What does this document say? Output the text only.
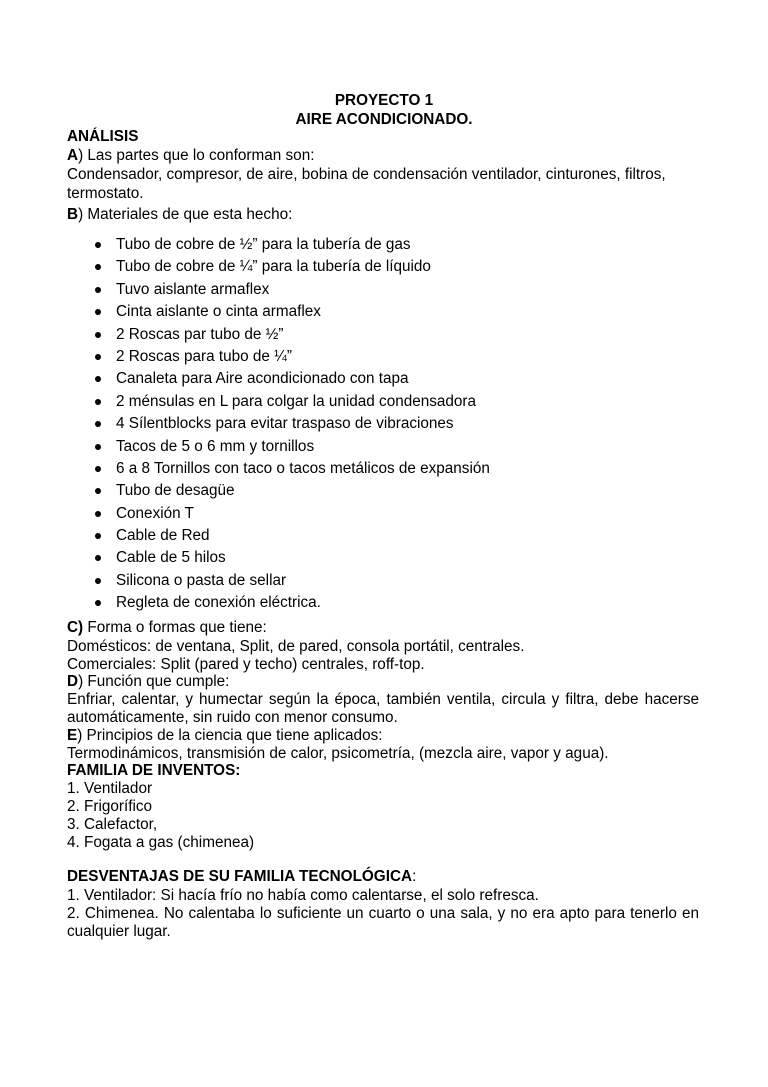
PROYECTO 1
AIRE ACONDICIONADO.
ANÁLISIS
A) Las partes que lo conforman son:
Condensador, compresor, de aire, bobina de condensación ventilador, cinturones, filtros,
termostato.
B) Materiales de que esta hecho:
Tubo de cobre de ½” para la tubería de gas
Tubo de cobre de ¼” para la tubería de líquido
Tuvo aislante armaflex
Cinta aislante o cinta armaflex
2 Roscas par tubo de ½”
2 Roscas para tubo de ¼”
Canaleta para Aire acondicionado con tapa
2 ménsulas en L para colgar la unidad condensadora
4 Sílentblocks para evitar traspaso de vibraciones
Tacos de 5 o 6 mm y tornillos
6 a 8 Tornillos con taco o tacos metálicos de expansión
Tubo de desagüe
Conexión T
Cable de Red
Cable de 5 hilos
Silicona o pasta de sellar
Regleta de conexión eléctrica.
C) Forma o formas que tiene:
Domésticos: de ventana, Split, de pared, consola portátil, centrales.
Comerciales: Split (pared y techo) centrales, roff-top.
D) Función que cumple:
Enfriar, calentar, y humectar según la época, también ventila, circula y filtra, debe hacerse automáticamente, sin ruido con menor consumo.
E) Principios de la ciencia que tiene aplicados:
Termodinámicos, transmisión de calor, psicometría, (mezcla aire, vapor y agua).
FAMILIA DE INVENTOS:
1. Ventilador
2. Frigorífico
3. Calefactor,
4. Fogata a gas (chimenea)
DESVENTAJAS DE SU FAMILIA TECNOLÓGICA:
1. Ventilador: Si hacía frío no había como calentarse, el solo refresca.
2. Chimenea. No calentaba lo suficiente un cuarto o una sala, y no era apto para tenerlo en cualquier lugar.
